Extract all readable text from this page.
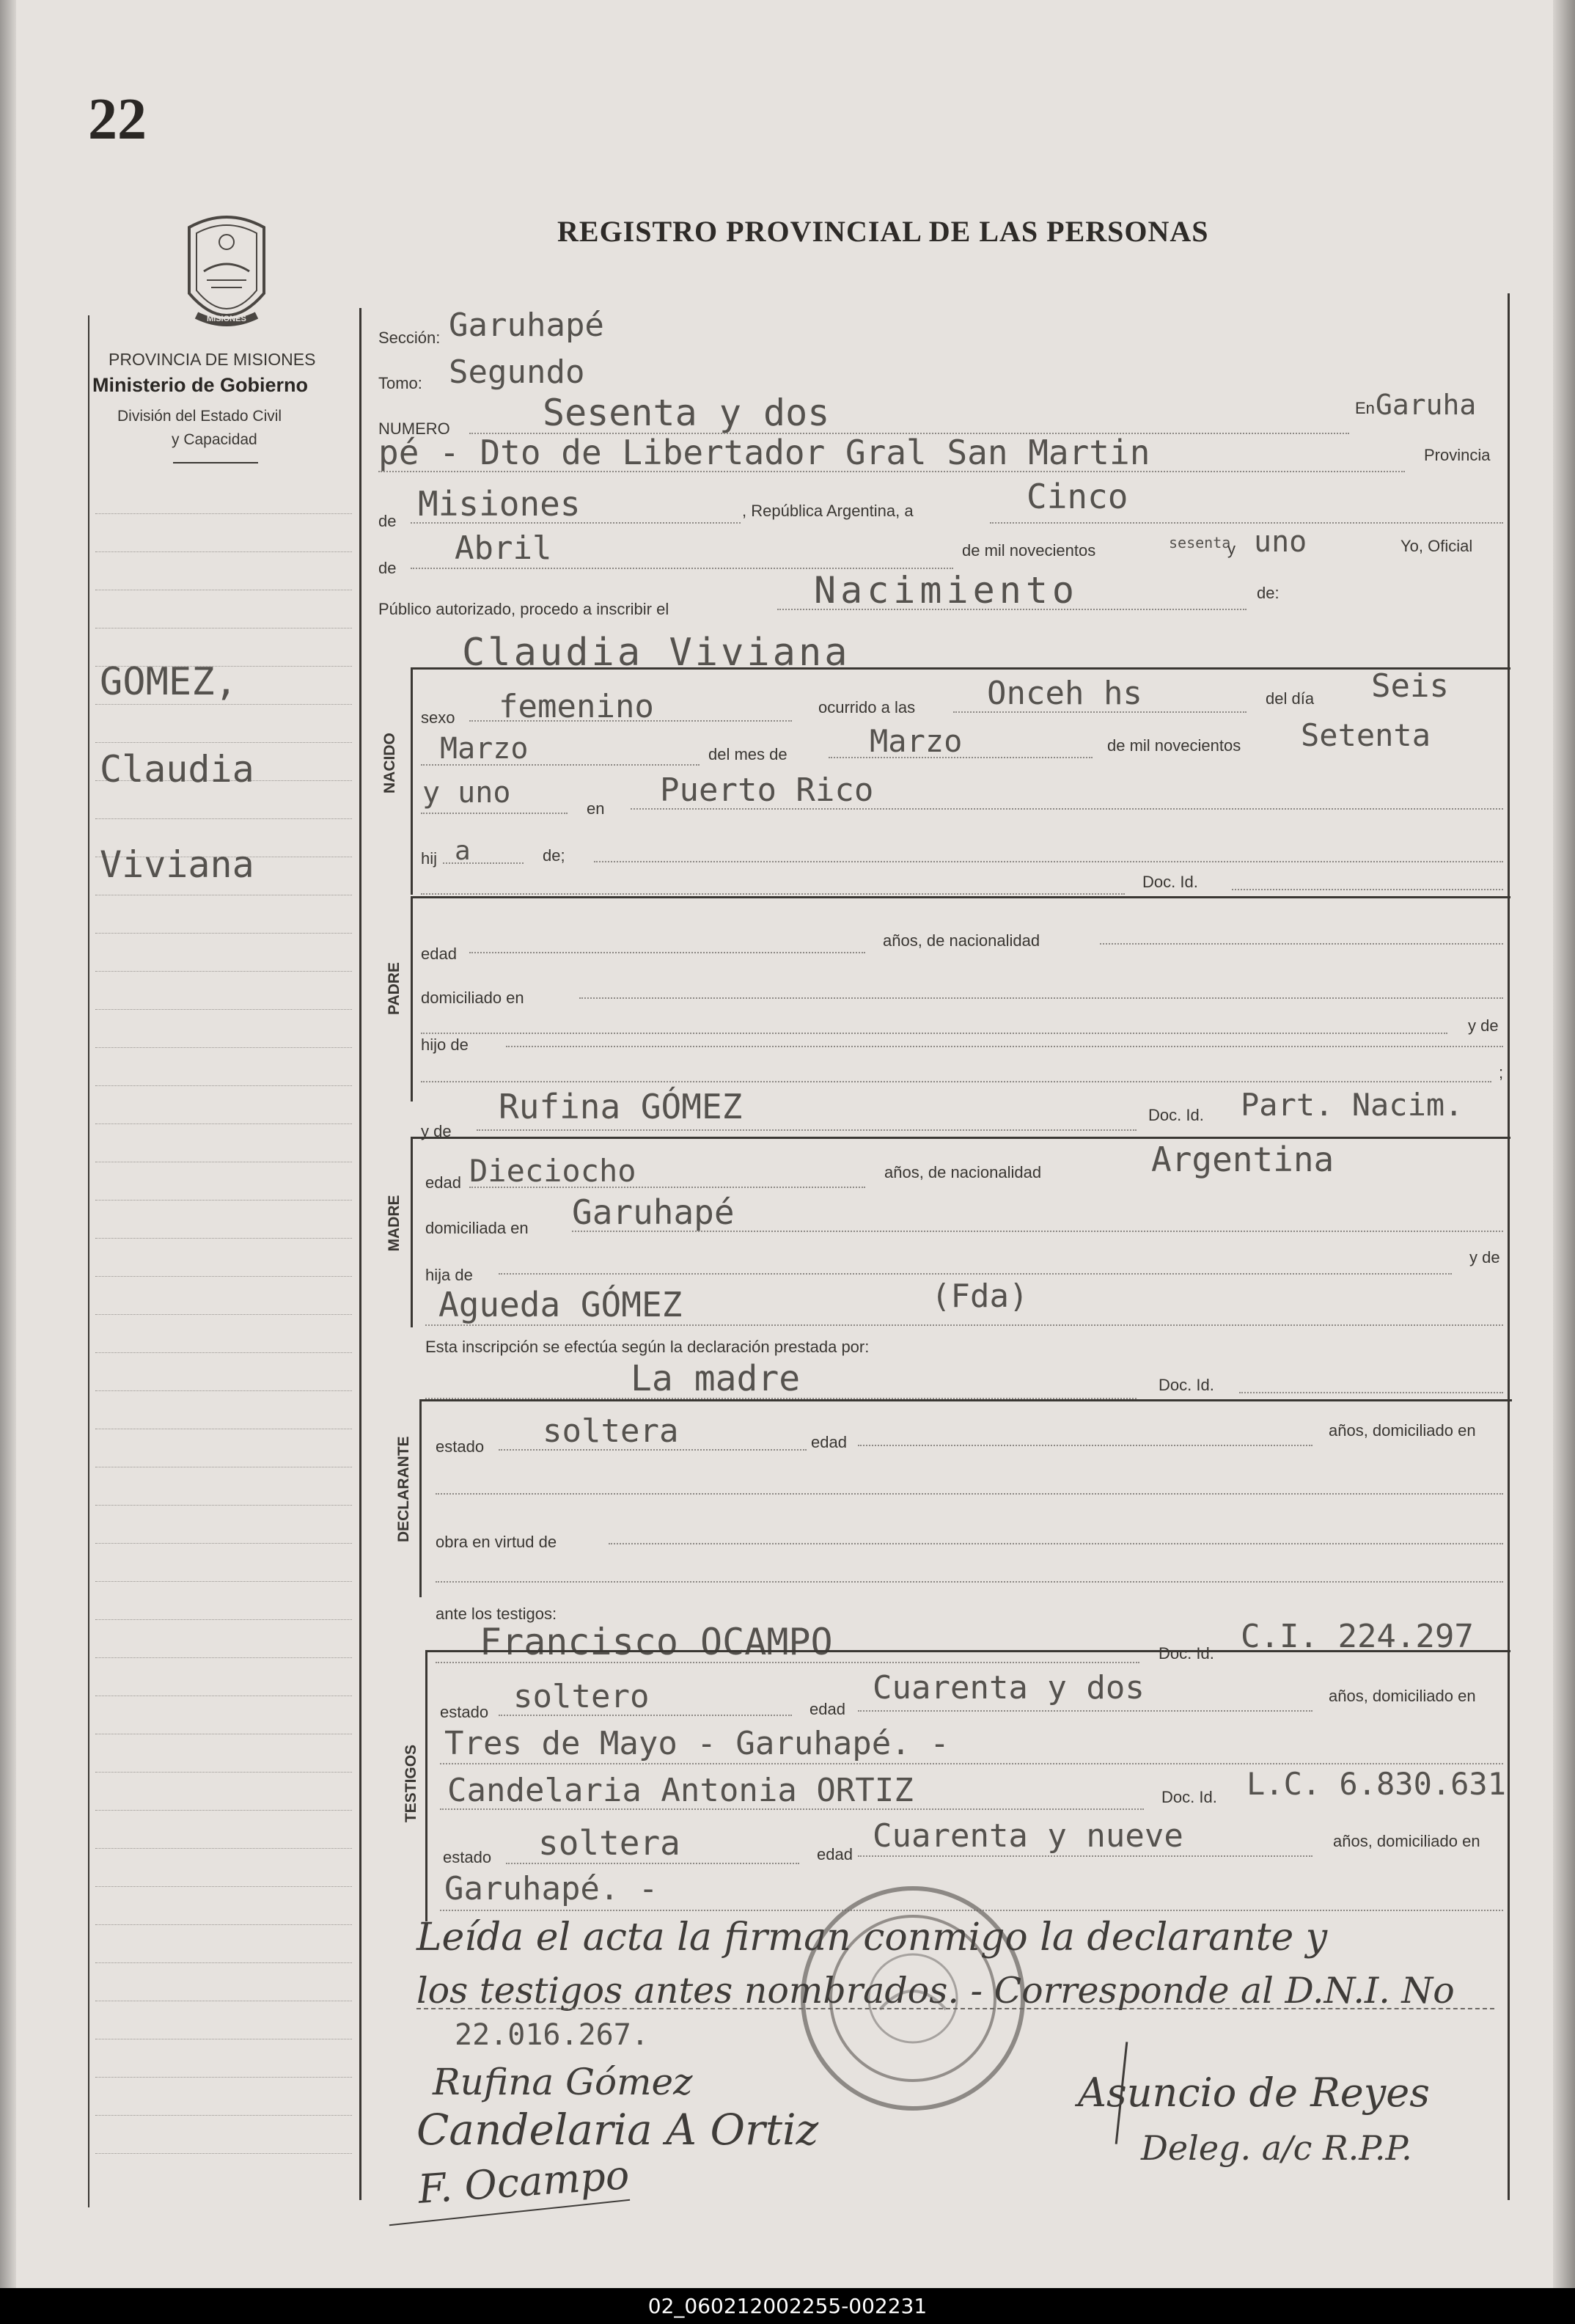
22
MISIONES
PROVINCIA DE MISIONES
Ministerio de Gobierno
División del Estado Civil
y Capacidad
REGISTRO PROVINCIAL DE LAS PERSONAS
GOMEZ,
Claudia
Viviana
Sección: Garuhapé
Tomo: Segundo
NUMERO	Sesenta y dos	En Garuha
pé - Dto de Libertador Gral San Martin	Provincia
de Misiones	, República Argentina, a	Cinco
de
Abril	de mil novecientos	sesenta
y uno	Yo, Oficial
Público autorizado, procedo a inscribir el	Nacimiento	de:
Claudia Viviana
NACIDO
sexo femenino	ocurrido a las Onceh hs	del día Seis
Marzo	del mes de	Marzo	de mil novecientos Setenta
y uno	en Puerto Rico
hij a	de;
Doc. Id.
PADRE
edad
años, de nacionalidad
domiciliado en
y de
hijo de
;
y de
Rufina GÓMEZ	Doc. Id. Part. Nacim.
MADRE
edad Dieciocho	años, de nacionalidad	Argentina
domiciliada en Garuhapé
hija de
y de
Agueda GÓMEZ	(Fda)
Esta inscripción se efectúa según la declaración prestada por:
La madre	Doc. Id.
DECLARANTE estado soltera	edad
años, domiciliado en
obra en virtud de
ante los testigos:
Francisco OCAMPO	Doc. Id. C.I. 224.297
TESTIGOS
estado soltero	edad
Cuarenta y dos	años, domiciliado en
Tres de Mayo - Garuhapé. -
Candelaria Antonia ORTIZ	Doc. Id. L.C. 6.830.631
estado soltera	edad Cuarenta y nueve	años, domiciliado en
Garuhapé. -
Leída el acta la firman conmigo la declarante y
los testigos antes nombrados. - Corresponde al D.N.I. No
22.016.267.
Rufina Gómez
Candelaria A Ortiz
F. Ocampo
Asuncio de Reyes
Deleg. a/c R.P.P.
02_060212002255-002231
